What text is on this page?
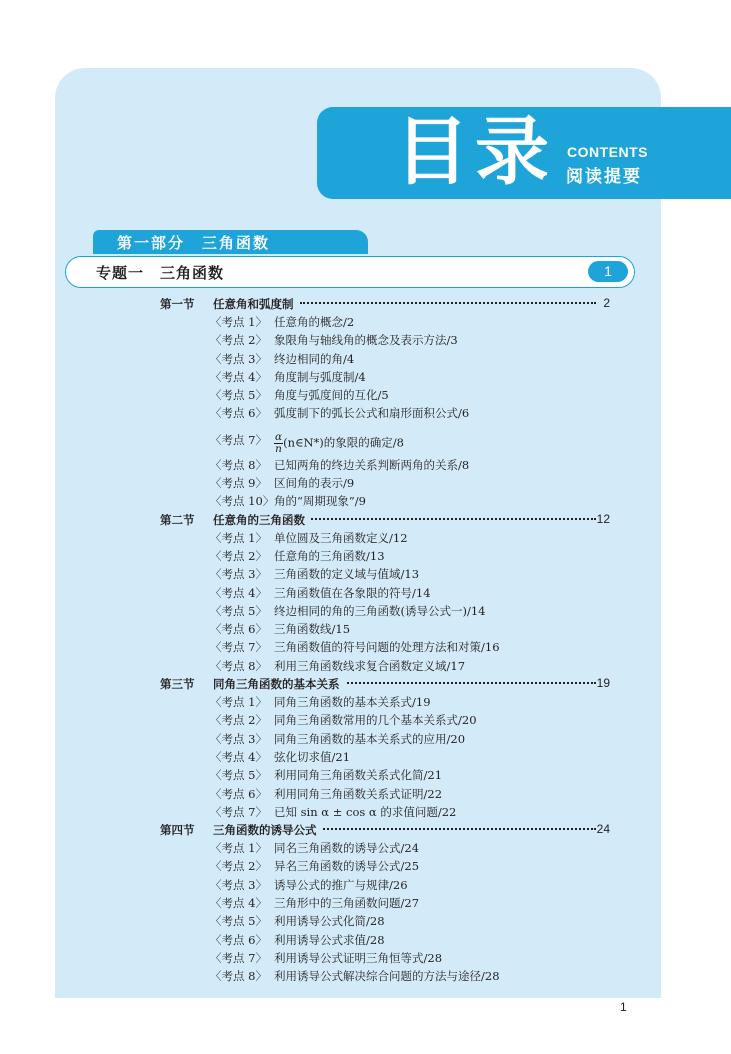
目录 CONTENTS
阅读提要
第一部分　三角函数
专题一　三角函数	1
第一节 任意角和弧度制	2
〈考点 1〉 任意角的概念/2
〈考点 2〉 象限角与轴线角的概念及表示方法/3
〈考点 3〉 终边相同的角/4
〈考点 4〉 角度制与弧度制/4
〈考点 5〉 角度与弧度间的互化/5
〈考点 6〉 弧度制下的弧长公式和扇形面积公式/6
〈考点 7〉 $\frac{\alpha}{n}(n\in N*)$的象限的确定/8
〈考点 8〉 已知两角的终边关系判断两角的关系/8
〈考点 9〉 区间角的表示/9
〈考点 10〉 角的“周期现象”/9
第二节 任意角的三角函数	12
〈考点 1〉 单位圆及三角函数定义/12
〈考点 2〉 任意角的三角函数/13
〈考点 3〉 三角函数的定义域与值域/13
〈考点 4〉 三角函数值在各象限的符号/14
〈考点 5〉 终边相同的角的三角函数(诱导公式一)/14
〈考点 6〉 三角函数线/15
〈考点 7〉 三角函数值的符号问题的处理方法和对策/16
〈考点 8〉 利用三角函数线求复合函数定义域/17
第三节 同角三角函数的基本关系	19
〈考点 1〉 同角三角函数的基本关系式/19
〈考点 2〉 同角三角函数常用的几个基本关系式/20
〈考点 3〉 同角三角函数的基本关系式的应用/20
〈考点 4〉 弦化切求值/21
〈考点 5〉 利用同角三角函数关系式化简/21
〈考点 6〉 利用同角三角函数关系式证明/22
〈考点 7〉 已知 sin α ± cos α 的求值问题/22
第四节 三角函数的诱导公式	24
〈考点 1〉 同名三角函数的诱导公式/24
〈考点 2〉 异名三角函数的诱导公式/25
〈考点 3〉 诱导公式的推广与规律/26
〈考点 4〉 三角形中的三角函数问题/27
〈考点 5〉 利用诱导公式化简/28
〈考点 6〉 利用诱导公式求值/28
〈考点 7〉 利用诱导公式证明三角恒等式/28
〈考点 8〉 利用诱导公式解决综合问题的方法与途径/28
1
